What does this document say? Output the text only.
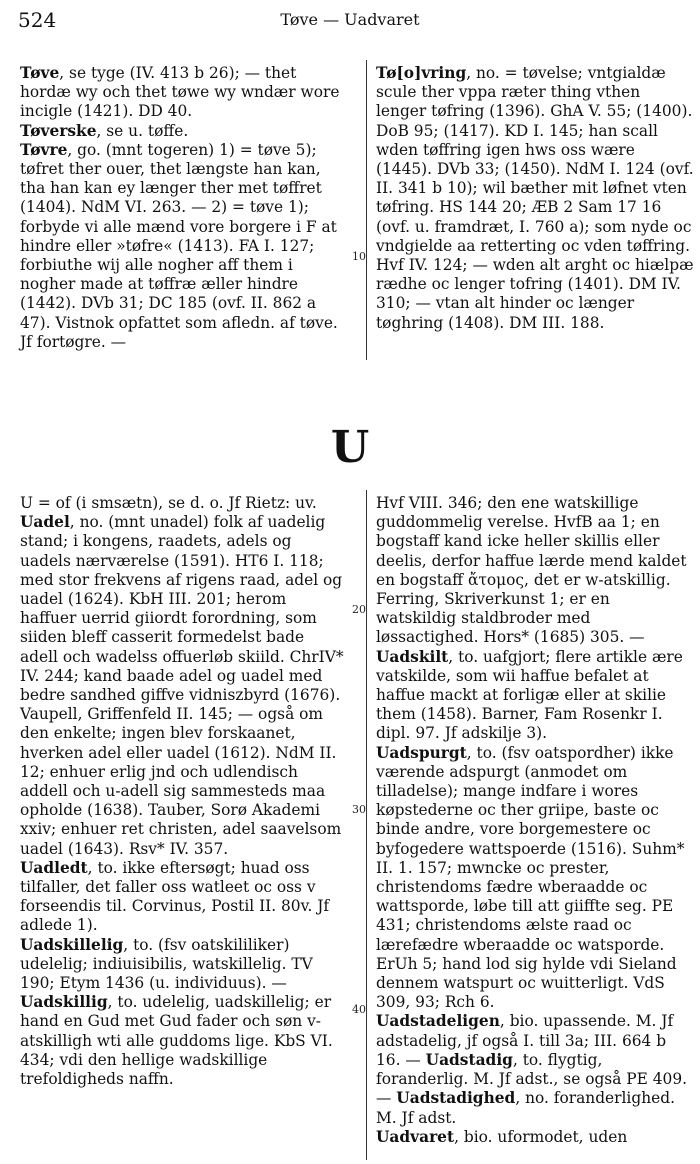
524	Tøve — Uadvaret

Tøve, se tyge (IV. 413 b 26); — thet hordæ wy och thet tøwe wy wndær wore incigle (1421). DD 40.

Tøverske, se u. tøffe.

Tøvre, go. (mnt togeren) 1) = tøve 5); tøfret ther ouer, thet længste han kan, tha han kan ey længer ther met tøffret (1404). NdM VI. 263. — 2) = tøve 1); forbyde vi alle mænd vore borgere i F at hindre eller »tøfre« (1413). FA I. 127; forbiuthe wij alle nogher aff them i nogher made at tøffræ æller hindre (1442). DVb 31; DC 185 (ovf. II. 862 a 47). Vistnok opfattet som afledn. af tøve. Jf fortøgre. —

Tø[o]vring, no. = tøvelse; vntgialdæ scule ther vppa ræter thing vthen lenger tøfring (1396). GhA V. 55; (1400). DoB 95; (1417). KD I. 145; han scall wden tøffring igen hws oss wære (1445). DVb 33; (1450). NdM I. 124 (ovf. II. 341 b 10); wil bæther mit løfnet vten tøfring. HS 144 20; ÆB 2 Sam 17 16 (ovf. u. framdræt, I. 760 a); som nyde oc vndgielde aa retterting oc vden tøffring. Hvf IV. 124; — wden alt arght oc hiælpæ rædhe oc lenger tofring (1401). DM IV. 310; — vtan alt hinder oc længer tøghring (1408). DM III. 188.

10
U

U = of (i smsætn), se d. o. Jf Rietz: uv.

Uadel, no. (mnt unadel) folk af uadelig stand; i kongens, raadets, adels og uadels nærværelse (1591). HT6 I. 118; med stor frekvens af rigens raad, adel og uadel (1624). KbH III. 201; herom haffuer uerrid giiordt forordning, som siiden bleff casserit formedelst bade adell och wadelss offuerløb skiild. ChrIV* IV. 244; kand baade adel og uadel med bedre sandhed giffve vidniszbyrd (1676). Vaupell, Griffenfeld II. 145; — også om den enkelte; ingen blev forskaanet, hverken adel eller uadel (1612). NdM II. 12; enhuer erlig jnd och udlendisch addell och u-adell sig sammesteds maa opholde (1638). Tauber, Sorø Akademi xxiv; enhuer ret christen, adel saavelsom uadel (1643). Rsv* IV. 357.

Uadledt, to. ikke eftersøgt; huad oss tilfaller, det faller oss watleet oc oss v forseendis til. Corvinus, Postil II. 80v. Jf adlede 1).

Uadskillelig, to. (fsv oatskililiker) udelelig; indiuisibilis, watskillelig. TV 190; Etym 1436 (u. individuus). — Uadskillig, to. udelelig, uadskillelig; er hand en Gud met Gud fader och søn v-atskilligh wti alle guddoms lige. KbS VI. 434; vdi den hellige wadskillige trefoldigheds naffn.

Hvf VIII. 346; den ene watskillige guddommelig verelse. HvfB aa 1; en bogstaff kand icke heller skillis eller deelis, derfor haffue lærde mend kaldet en bogstaff ἄτομος, det er w-atskillig. Ferring, Skriverkunst 1; er en watskildig staldbroder med løssactighed. Hors* (1685) 305. — Uadskilt, to. uafgjort; flere artikle ære vatskilde, som wii haffue befalet at haffue mackt at forligæ eller at skilie them (1458). Barner, Fam Rosenkr I. dipl. 97. Jf adskilje 3).

Uadspurgt, to. (fsv oatspordher) ikke værende adspurgt (anmodet om tilladelse); mange indfare i wores køpstederne oc ther griipe, baste oc binde andre, vore borgemestere oc byfogedere wattspoerde (1516). Suhm* II. 1. 157; mwncke oc prester, christendoms fædre wberaadde oc wattsporde, løbe till att giiffte seg. PE 431; christendoms ælste raad oc lærefædre wberaadde oc watsporde. ErUh 5; hand lod sig hylde vdi Sieland dennem watspurt oc wuitterligt. VdS 309, 93; Rch 6.

Uadstadeligen, bio. upassende. M. Jf adstadelig, jf også I. till 3a; III. 664 b 16. — Uadstadig, to. flygtig, foranderlig. M. Jf adst., se også PE 409. — Uadstadighed, no. foranderlighed. M. Jf adst.

Uadvaret, bio. uformodet, uden

20
30
40
